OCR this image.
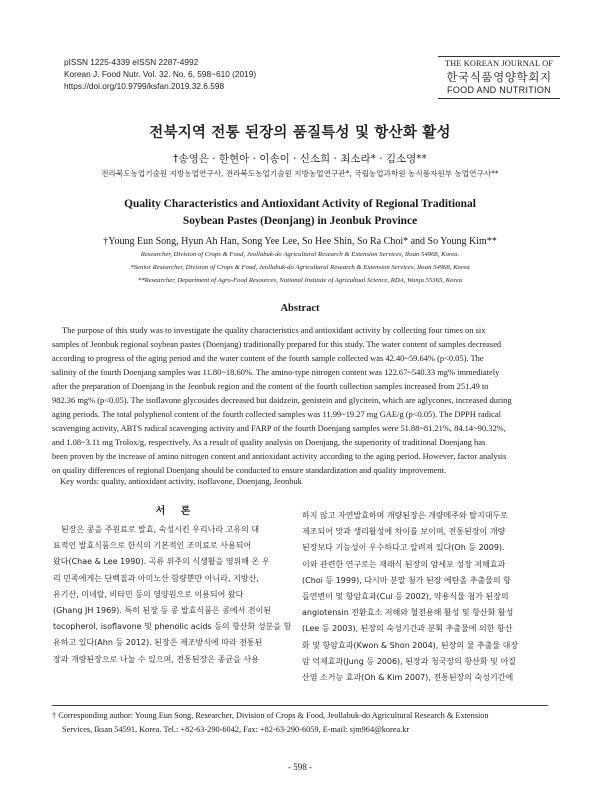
pISSN 1225-4339 eISSN 2287-4992
Korean J. Food Nutr. Vol. 32. No. 6, 598~610 (2019)
https://doi.org/10.9799/ksfan.2019.32.6.598
THE KOREAN JOURNAL OF
한국식품영양학회지
FOOD AND NUTRITION
전북지역 전통 된장의 품질특성 및 항산화 활성
†송영은 · 한현아 · 이송이 · 신소희 · 최소라* · 김소영**
전라북도농업기술원 지방농업연구사, 전라북도농업기술원 지방농업연구관*, 국립농업과학원 농식품자원부 농업연구사**
Quality Characteristics and Antioxidant Activity of Regional Traditional
Soybean Pastes (Deonjang) in Jeonbuk Province
†Young Eun Song, Hyun Ah Han, Song Yee Lee, So Hee Shin, So Ra Choi* and So Young Kim**
Researcher, Division of Crops & Food, Jeollabuk-do Agricultural Research & Extension Services, Iksan 54968, Korea.
*Senior Researcher, Division of Crops & Food, Jeollabuk-do Agricultural Research & Extension Services, Iksan 54968, Korea
**Researcher, Department of Agro-Food Resources, National Institute of Agricultual Science, RDA, Wanju 55365, Korea
Abstract
The purpose of this study was to investigate the quality characteristics and antioxidant activity by collecting four times on six
samples of Jeonbuk regional soybean pastes (Doenjang) traditionally prepared for this study. The water content of samples decreased
according to progress of the aging period and the water content of the fourth sample collected was 42.40~59.64% (p<0.05). The
salinity of the fourth Doenjang samples was 11.80~18.60%. The amino-type nitrogen content was 122.67~540.33 mg% immediately
after the preparation of Doenjang in the Jeonbuk region and the content of the fourth collection samples increased from 251.49 to
982.36 mg% (p<0.05). The isoflavone glycosides decreased but daidzein, genistein and glycitein, which are aglycones, increased during
aging periods. The total polyphenol content of the fourth collected samples was 11.99~19.27 mg GAE/g (p<0.05). The DPPH radical
scavenging activity, ABTS radical scavenging activity and FARP of the fourth Doenjang samples were 51.88~81.21%, 84.14~90.32%,
and 1.08~3.11 mg Trolox/g, respectively. As a result of quality analysis on Doenjang, the superiority of traditional Doenjang has
been proven by the increase of amino nitrogen content and antioxidant activity according to the aging period. However, factor analysis
on quality differences of regional Doenjang should be conducted to ensure standardization and quality improvement.
Key words: quality, antioxidant activity, isoflavone, Doenjang, Jeonbuk
서 론
된장은 콩을 주원료로 발효, 숙성시킨 우리나라 고유의 대
표적인 발효식품으로 한식의 기본적인 조미료로 사용되어
왔다(Chae & Lee 1990). 곡류 위주의 식생활을 영위해 온 우
리 민족에게는 단백질과 아미노산 함량뿐만 아니라, 지방산,
유기산, 미네랄, 비타민 등의 영양원으로 이용되어 왔다
(Ghang JH 1969). 특히 된장 등 콩 발효식품은 콩에서 전이된
tocopherol, isoflavone 및 phenolic acids 등의 항산화 성분을 함
유하고 있다(Ahn 등 2012). 된장은 제조방식에 따라 전통된
장과 개량된장으로 나눌 수 있으며, 전통된장은 종균을 사용
하지 않고 자연발효하며 개량된장은 개량메주와 탈지대두로
제조되어 맛과 생리활성에 차이를 보이며, 전통된장이 개량
된장보다 기능성이 우수하다고 알려져 있다(Oh 등 2009).
이와 관련한 연구로는 재래식 된장의 암세포 성장 저해효과
(Choi 등 1999), 다시마 분말 첨가 된장 에탄올 추출물의 항
돌연변이 및 항암효과(Cui 등 2002), 약용식물 첨가 된장의
angiotensin 전환효소 저해와 혈전용해 활성 및 항산화 활성
(Lee 등 2003), 된장의 숙성기간과 분획 추출물에 의한 항산
화 및 항암효과(Kwon & Shon 2004), 된장의 물 추출물 대장
암 억제효과(Jung 등 2006), 된장과 청국장의 항산화 및 아질
산염 소거능 효과(Oh & Kim 2007), 전통된장의 숙성기간에
† Corresponding author: Young Eun Song, Researcher, Division of Crops & Food, Jeollabuk-do Agricultural Research & Extension
Services, Iksan 54591, Korea. Tel.: +82-63-290-6042, Fax: +82-63-290-6059, E-mail: sjm964@korea.kr
- 598 -
